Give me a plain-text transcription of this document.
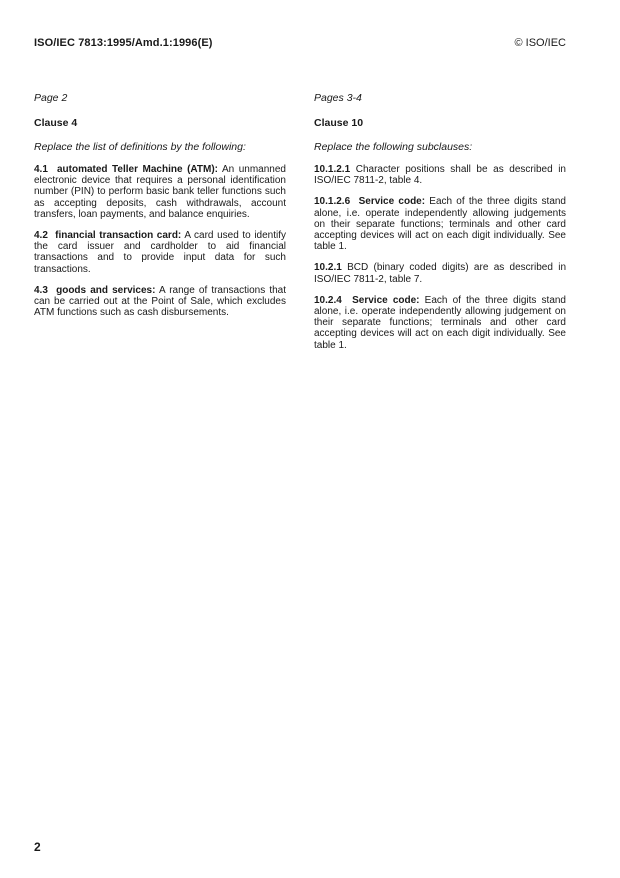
ISO/IEC 7813:1995/Amd.1:1996(E)	© ISO/IEC

Page 2

Clause 4

Replace the list of definitions by the following:

4.1 automated Teller Machine (ATM): An unmanned electronic device that requires a personal identification number (PIN) to perform basic bank teller functions such as accepting deposits, cash withdrawals, account transfers, loan payments, and balance enquiries.

4.2 financial transaction card: A card used to identify the card issuer and cardholder to aid financial transactions and to provide input data for such transactions.

4.3 goods and services: A range of transactions that can be carried out at the Point of Sale, which excludes ATM functions such as cash disbursements.

Pages 3-4

Clause 10

Replace the following subclauses:

10.1.2.1 Character positions shall be as described in ISO/IEC 7811-2, table 4.

10.1.2.6 Service code: Each of the three digits stand alone, i.e. operate independently allowing judgements on their separate functions; terminals and other card accepting devices will act on each digit individually. See table 1.

10.2.1 BCD (binary coded digits) are as described in ISO/IEC 7811-2, table 7.

10.2.4 Service code: Each of the three digits stand alone, i.e. operate independently allowing judgement on their separate functions; terminals and other card accepting devices will act on each digit individually. See table 1.

2
